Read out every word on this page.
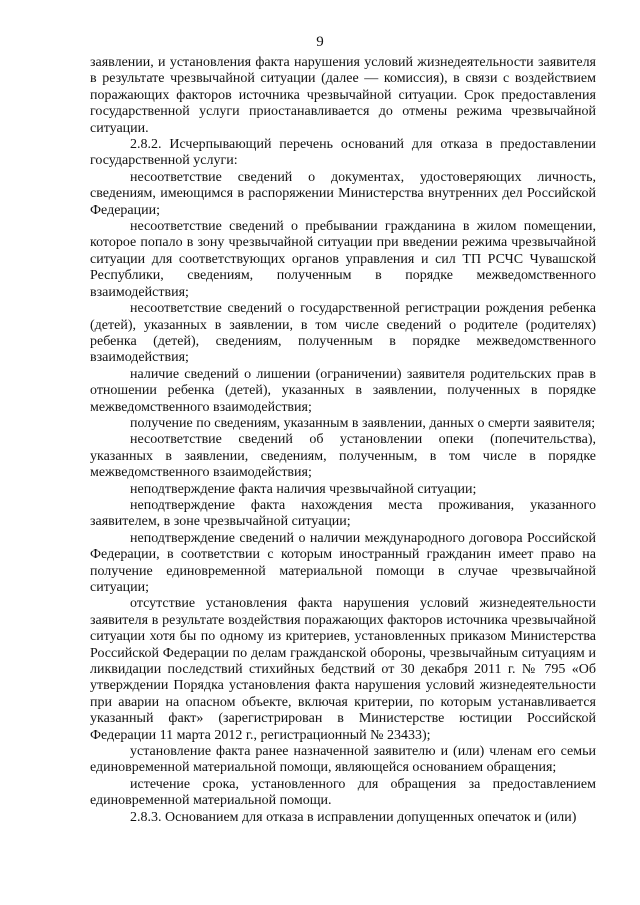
9

заявлении, и установления факта нарушения условий жизнедеятельности заявителя в результате чрезвычайной ситуации (далее — комиссия), в связи с воздействием поражающих факторов источника чрезвычайной ситуации. Срок предоставления государственной услуги приостанавливается до отмены режима чрезвычайной ситуации.

2.8.2. Исчерпывающий перечень оснований для отказа в предоставлении государственной услуги:

несоответствие сведений о документах, удостоверяющих личность, сведениям, имеющимся в распоряжении Министерства внутренних дел Российской Федерации;

несоответствие сведений о пребывании гражданина в жилом помещении, которое попало в зону чрезвычайной ситуации при введении режима чрезвычайной ситуации для соответствующих органов управления и сил ТП РСЧС Чувашской Республики, сведениям, полученным в порядке межведомственного взаимодействия;

несоответствие сведений о государственной регистрации рождения ребенка (детей), указанных в заявлении, в том числе сведений о родителе (родителях) ребенка (детей), сведениям, полученным в порядке межведомственного взаимодействия;

наличие сведений о лишении (ограничении) заявителя родительских прав в отношении ребенка (детей), указанных в заявлении, полученных в порядке межведомственного взаимодействия;

получение по сведениям, указанным в заявлении, данных о смерти заявителя;

несоответствие сведений об установлении опеки (попечительства), указанных в заявлении, сведениям, полученным, в том числе в порядке межведомственного взаимодействия;

неподтверждение факта наличия чрезвычайной ситуации;

неподтверждение факта нахождения места проживания, указанного заявителем, в зоне чрезвычайной ситуации;

неподтверждение сведений о наличии международного договора Российской Федерации, в соответствии с которым иностранный гражданин имеет право на получение единовременной материальной помощи в случае чрезвычайной ситуации;

отсутствие установления факта нарушения условий жизнедеятельности заявителя в результате воздействия поражающих факторов источника чрезвычайной ситуации хотя бы по одному из критериев, установленных приказом Министерства Российской Федерации по делам гражданской обороны, чрезвычайным ситуациям и ликвидации последствий стихийных бедствий от 30 декабря 2011 г. № 795 «Об утверждении Порядка установления факта нарушения условий жизнедеятельности при аварии на опасном объекте, включая критерии, по которым устанавливается указанный факт» (зарегистрирован в Министерстве юстиции Российской Федерации 11 марта 2012 г., регистрационный № 23433);

установление факта ранее назначенной заявителю и (или) членам его семьи единовременной материальной помощи, являющейся основанием обращения;

истечение срока, установленного для обращения за предоставлением единовременной материальной помощи.

2.8.3. Основанием для отказа в исправлении допущенных опечаток и (или)
